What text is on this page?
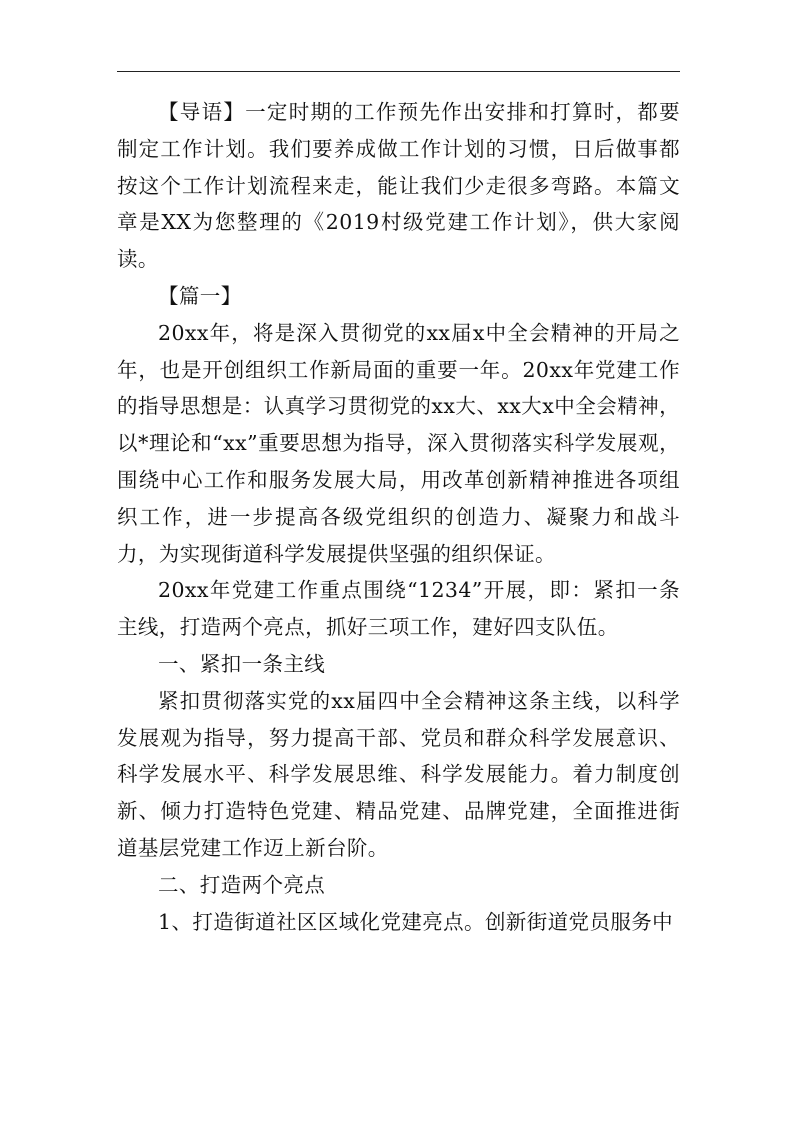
【导语】一定时期的工作预先作出安排和打算时，都要制定工作计划。我们要养成做工作计划的习惯，日后做事都按这个工作计划流程来走，能让我们少走很多弯路。本篇文章是XX为您整理的《2019村级党建工作计划》，供大家阅读。

【篇一】

20xx年，将是深入贯彻党的xx届x中全会精神的开局之年，也是开创组织工作新局面的重要一年。20xx年党建工作的指导思想是：认真学习贯彻党的xx大、xx大x中全会精神，以*理论和“xx”重要思想为指导，深入贯彻落实科学发展观，围绕中心工作和服务发展大局，用改革创新精神推进各项组织工作，进一步提高各级党组织的创造力、凝聚力和战斗力，为实现街道科学发展提供坚强的组织保证。

20xx年党建工作重点围绕“1234”开展，即：紧扣一条主线，打造两个亮点，抓好三项工作，建好四支队伍。

一、紧扣一条主线

紧扣贯彻落实党的xx届四中全会精神这条主线，以科学发展观为指导，努力提高干部、党员和群众科学发展意识、科学发展水平、科学发展思维、科学发展能力。着力制度创新、倾力打造特色党建、精品党建、品牌党建，全面推进街道基层党建工作迈上新台阶。

二、打造两个亮点

1、打造街道社区区域化党建亮点。创新街道党员服务中
